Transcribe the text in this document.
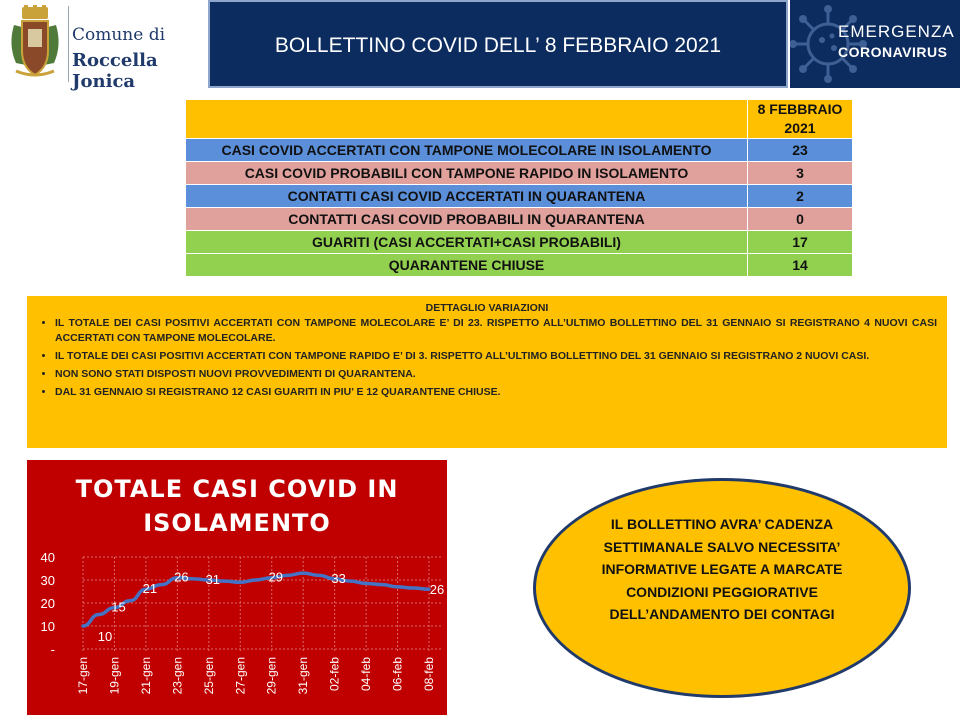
Comune di
Roccella Jonica
BOLLETTINO COVID DELL’ 8 FEBBRAIO 2021
EMERGENZA
CORONAVIRUS

	8 FEBBRAIO
2021

CASI COVID ACCERTATI CON TAMPONE MOLECOLARE IN ISOLAMENTO	23
CASI COVID PROBABILI CON TAMPONE RAPIDO IN ISOLAMENTO	3
CONTATTI CASI COVID ACCERTATI IN QUARANTENA	2
CONTATTI CASI COVID PROBABILI IN QUARANTENA	0
GUARITI (CASI ACCERTATI+CASI PROBABILI)	17
QUARANTENE CHIUSE	14
DETTAGLIO VARIAZIONI
• IL TOTALE DEI CASI POSITIVI ACCERTATI CON TAMPONE MOLECOLARE E’ DI 23. RISPETTO ALL’ULTIMO BOLLETTINO DEL 31 GENNAIO SI REGISTRANO 4 NUOVI CASI ACCERTATI CON TAMPONE MOLECOLARE.
• IL TOTALE DEI CASI POSITIVI ACCERTATI CON TAMPONE RAPIDO E’ DI 3. RISPETTO ALL’ULTIMO BOLLETTINO DEL 31 GENNAIO SI REGISTRANO 2 NUOVI CASI.
• NON SONO STATI DISPOSTI NUOVI PROVVEDIMENTI DI QUARANTENA.
• DAL 31 GENNAIO SI REGISTRANO 12 CASI GUARITI IN PIU’ E 12 QUARANTENE CHIUSE.
TOTALE CASI COVID IN
ISOLAMENTO
-
10
20
30
40
17-gen 19-gen 21-gen 23-gen 25-gen 27-gen 29-gen 31-gen 02-feb 04-feb 06-feb 08-feb
10
15
21
26 31	29	33
26
IL BOLLETTINO AVRA’ CADENZA SETTIMANALE SALVO NECESSITA’ INFORMATIVE LEGATE A MARCATE CONDIZIONI PEGGIORATIVE DELL’ANDAMENTO DEI CONTAGI
